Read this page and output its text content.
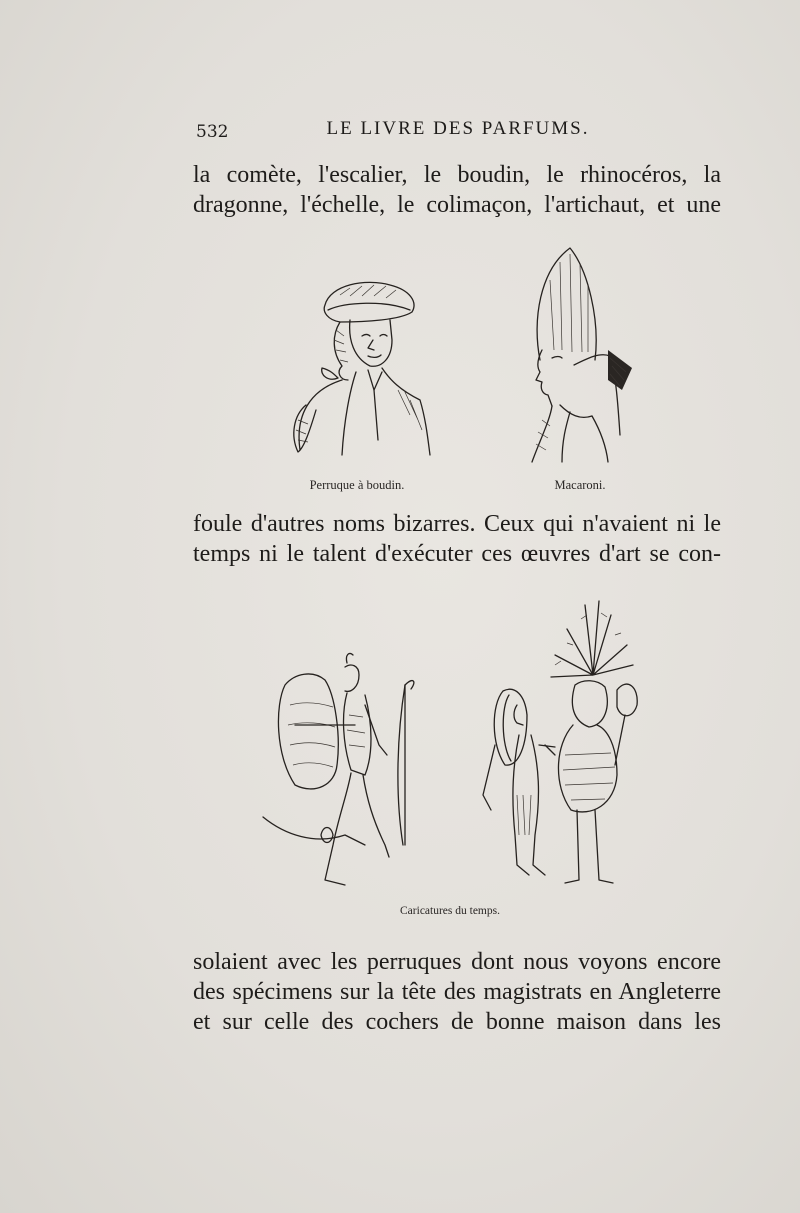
532	LE LIVRE DES PARFUMS.
la comète, l'escalier, le boudin, le rhinocéros, la
dragonne, l'échelle, le colimaçon, l'artichaut, et une
Perruque à boudin.	Macaroni.
foule d'autres noms bizarres. Ceux qui n'avaient ni le
temps ni le talent d'exécuter ces œuvres d'art se con-
Caricatures du temps.
solaient avec les perruques dont nous voyons encore
des spécimens sur la tête des magistrats en Angleterre
et sur celle des cochers de bonne maison dans les
